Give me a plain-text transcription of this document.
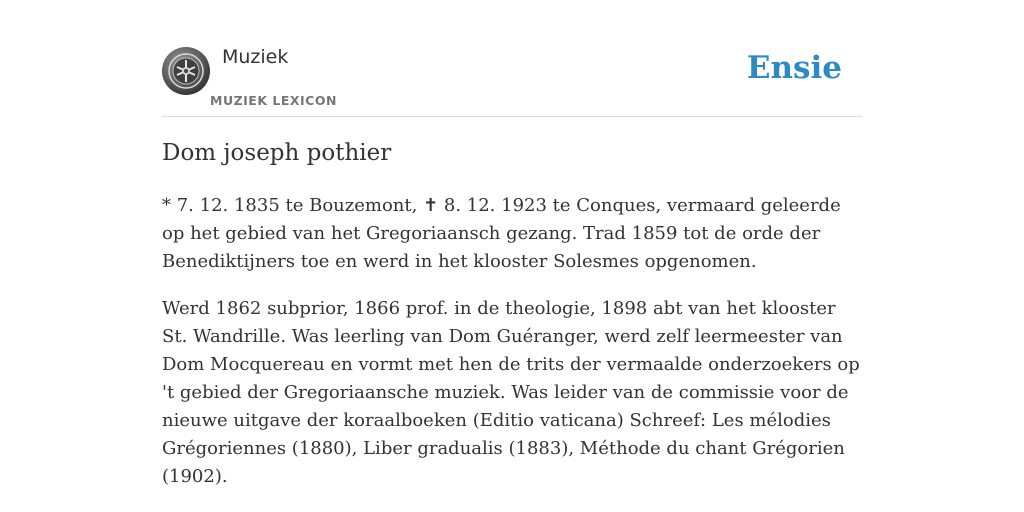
Muziek
MUZIEK LEXICON
Ensie
Dom joseph pothier

* 7. 12. 1835 te Bouzemont, ✝ 8. 12. 1923 te Conques, vermaard geleerde op het gebied van het Gregoriaansch gezang. Trad 1859 tot de orde der Benediktijners toe en werd in het klooster Solesmes opgenomen.

Werd 1862 subprior, 1866 prof. in de theologie, 1898 abt van het klooster St. Wandrille. Was leerling van Dom Guéranger, werd zelf leermeester van Dom Mocquereau en vormt met hen de trits der vermaalde onderzoekers op 't gebied der Gregoriaansche muziek. Was leider van de commissie voor de nieuwe uitgave der koraalboeken (Editio vaticana) Schreef: Les mélodies Grégoriennes (1880), Liber gradualis (1883), Méthode du chant Grégorien (1902).
